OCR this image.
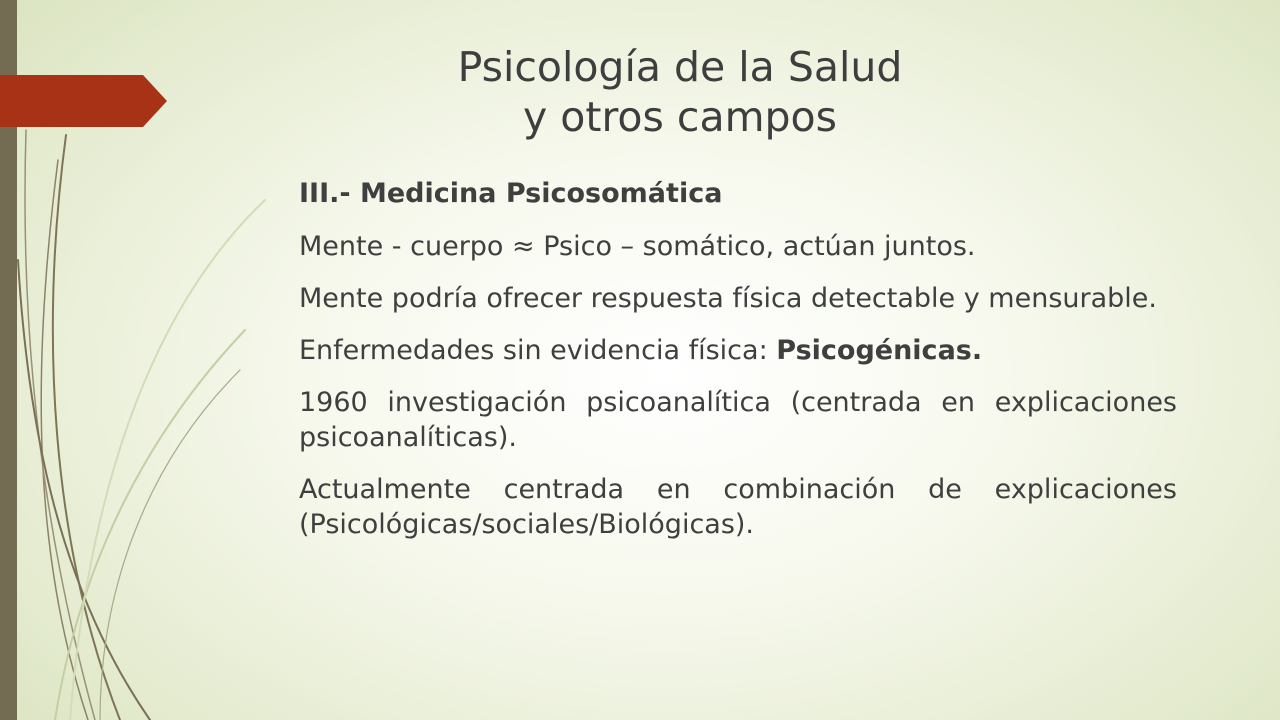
Psicología de la Salud
y otros campos
III.- Medicina Psicosomática
Mente - cuerpo ≈ Psico – somático, actúan juntos.
Mente podría ofrecer respuesta física detectable y mensurable.
Enfermedades sin evidencia física: Psicogénicas.
1960 investigación psicoanalítica (centrada en explicaciones psicoanalíticas).
Actualmente centrada en combinación de explicaciones (Psicológicas/sociales/Biológicas).
